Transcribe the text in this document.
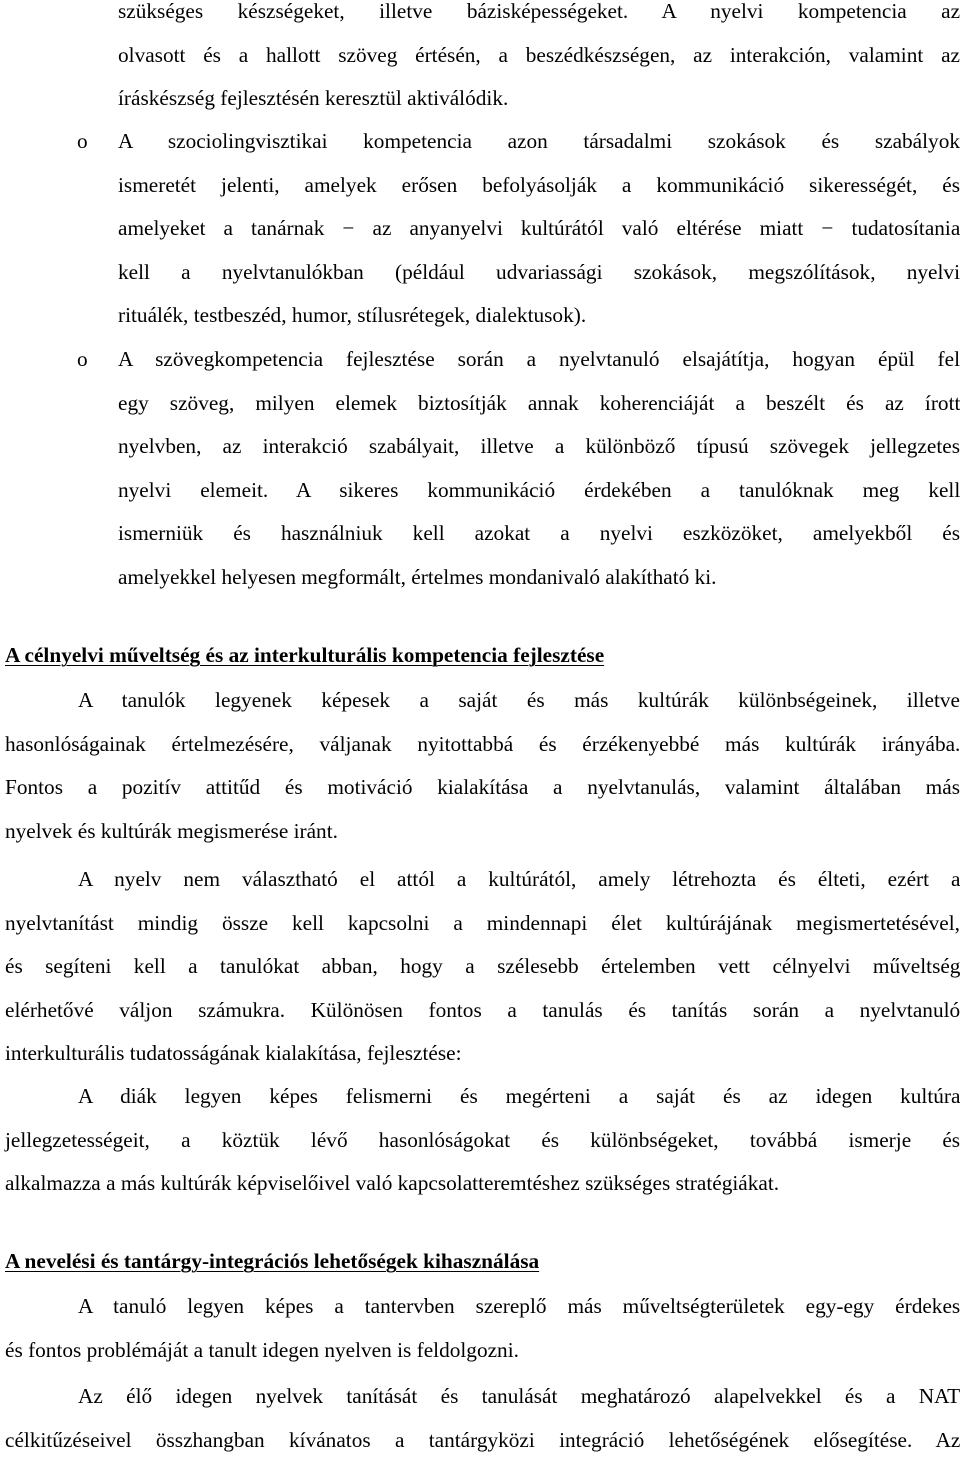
szükséges készségeket, illetve bázisképességeket. A nyelvi kompetencia az
olvasott és a hallott szöveg értésén, a beszédkészségen, az interakción, valamint az
íráskészség fejlesztésén keresztül aktiválódik.
o A szociolingvisztikai kompetencia azon társadalmi szokások és szabályok
ismeretét jelenti, amelyek erősen befolyásolják a kommunikáció sikerességét, és
amelyeket a tanárnak − az anyanyelvi kultúrától való eltérése miatt − tudatosítania
kell a nyelvtanulókban (például udvariassági szokások, megszólítások, nyelvi
rituálék, testbeszéd, humor, stílusrétegek, dialektusok).
o A szövegkompetencia fejlesztése során a nyelvtanuló elsajátítja, hogyan épül fel
egy szöveg, milyen elemek biztosítják annak koherenciáját a beszélt és az írott
nyelvben, az interakció szabályait, illetve a különböző típusú szövegek jellegzetes
nyelvi elemeit. A sikeres kommunikáció érdekében a tanulóknak meg kell
ismerniük és használniuk kell azokat a nyelvi eszközöket, amelyekből és
amelyekkel helyesen megformált, értelmes mondanivaló alakítható ki.
A célnyelvi műveltség és az interkulturális kompetencia fejlesztése
A tanulók legyenek képesek a saját és más kultúrák különbségeinek, illetve
hasonlóságainak értelmezésére, váljanak nyitottabbá és érzékenyebbé más kultúrák irányába.
Fontos a pozitív attitűd és motiváció kialakítása a nyelvtanulás, valamint általában más
nyelvek és kultúrák megismerése iránt.
A nyelv nem választható el attól a kultúrától, amely létrehozta és élteti, ezért a
nyelvtanítást mindig össze kell kapcsolni a mindennapi élet kultúrájának megismertetésével,
és segíteni kell a tanulókat abban, hogy a szélesebb értelemben vett célnyelvi műveltség
elérhetővé váljon számukra. Különösen fontos a tanulás és tanítás során a nyelvtanuló
interkulturális tudatosságának kialakítása, fejlesztése:
A diák legyen képes felismerni és megérteni a saját és az idegen kultúra
jellegzetességeit, a köztük lévő hasonlóságokat és különbségeket, továbbá ismerje és
alkalmazza a más kultúrák képviselőivel való kapcsolatteremtéshez szükséges stratégiákat.
A nevelési és tantárgy-integrációs lehetőségek kihasználása
A tanuló legyen képes a tantervben szereplő más műveltségterületek egy-egy érdekes
és fontos problémáját a tanult idegen nyelven is feldolgozni.
Az élő idegen nyelvek tanítását és tanulását meghatározó alapelvekkel és a NAT
célkitűzéseivel összhangban kívánatos a tantárgyközi integráció lehetőségének elősegítése. Az
